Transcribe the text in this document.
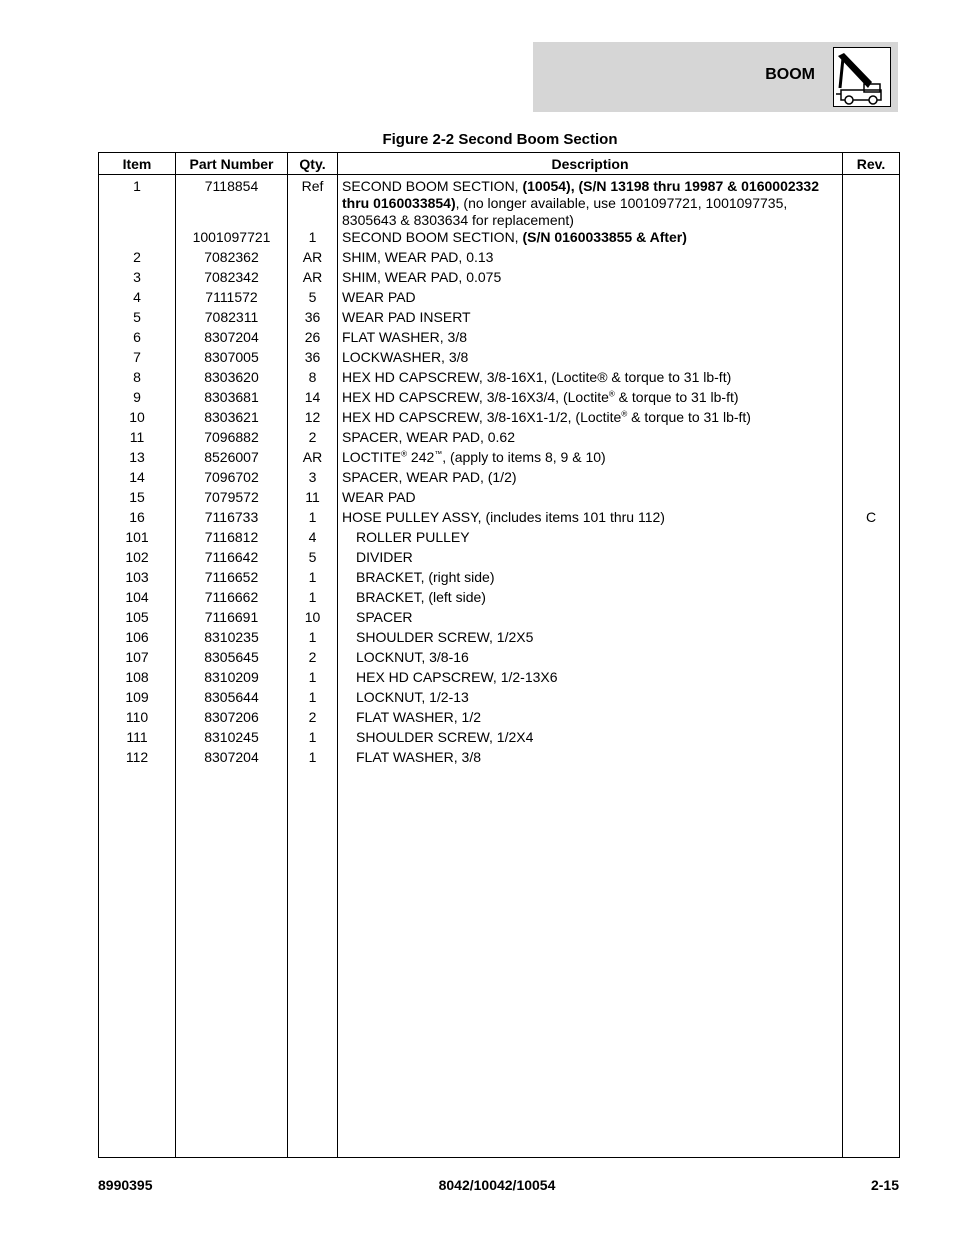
BOOM
Figure 2-2 Second Boom Section
Item	Part Number	Qty.	Description	Rev.
1	7118854	Ref	SECOND BOOM SECTION, (10054), (S/N 13198 thru 19987 & 0160002332 thru 0160033854), (no longer available, use 1001097721, 1001097735, 8305643 & 8303634 for replacement)	
	1001097721	1	SECOND BOOM SECTION, (S/N 0160033855 & After)	
2	7082362	AR	SHIM, WEAR PAD, 0.13	
3	7082342	AR	SHIM, WEAR PAD, 0.075	
4	7111572	5	WEAR PAD	
5	7082311	36	WEAR PAD INSERT	
6	8307204	26	FLAT WASHER, 3/8	
7	8307005	36	LOCKWASHER, 3/8	
8	8303620	8	HEX HD CAPSCREW, 3/8-16X1, (Loctite® & torque to 31 lb-ft)	
9	8303681	14	HEX HD CAPSCREW, 3/8-16X3/4, (Loctite® & torque to 31 lb-ft)	
10	8303621	12	HEX HD CAPSCREW, 3/8-16X1-1/2, (Loctite® & torque to 31 lb-ft)	
11	7096882	2	SPACER, WEAR PAD, 0.62	
13	8526007	AR	LOCTITE® 242™, (apply to items 8, 9 & 10)	
14	7096702	3	SPACER, WEAR PAD, (1/2)	
15	7079572	11	WEAR PAD	
16	7116733	1	HOSE PULLEY ASSY, (includes items 101 thru 112)	C
101	7116812	4	ROLLER PULLEY	
102	7116642	5	DIVIDER	
103	7116652	1	BRACKET, (right side)	
104	7116662	1	BRACKET, (left side)	
105	7116691	10	SPACER	
106	8310235	1	SHOULDER SCREW, 1/2X5	
107	8305645	2	LOCKNUT, 3/8-16	
108	8310209	1	HEX HD CAPSCREW, 1/2-13X6	
109	8305644	1	LOCKNUT, 1/2-13	
110	8307206	2	FLAT WASHER, 1/2	
111	8310245	1	SHOULDER SCREW, 1/2X4	
112	8307204	1	FLAT WASHER, 3/8	

8990395	8042/10042/10054	2-15
